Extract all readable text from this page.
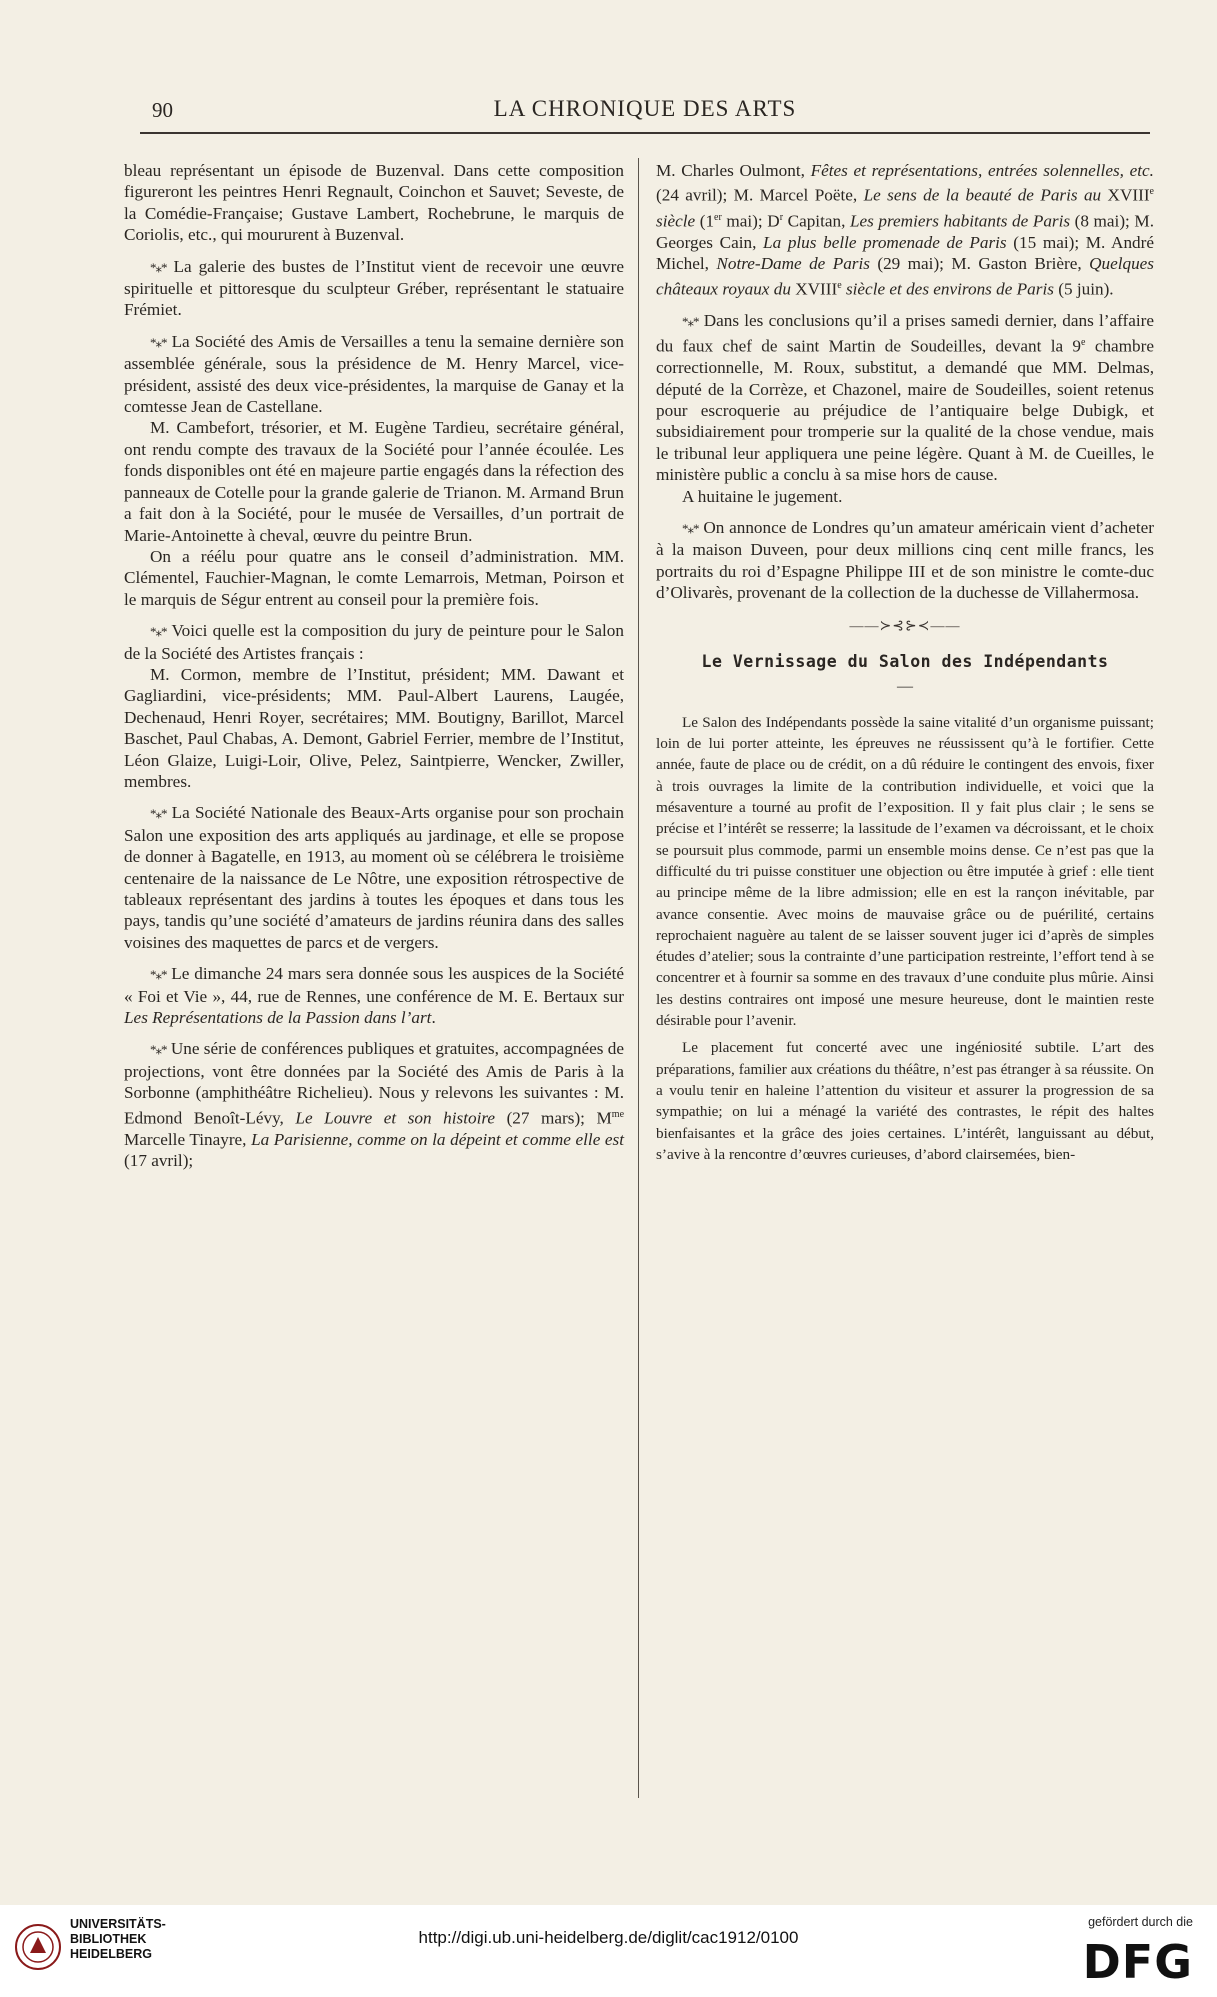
90	LA CHRONIQUE DES ARTS

bleau représentant un épisode de Buzenval. Dans cette composition figureront les peintres Henri Regnault, Coinchon et Sauvet; Seveste, de la Comédie-Française; Gustave Lambert, Rochebrune, le marquis de Coriolis, etc., qui moururent à Buzenval.

*⁎* La galerie des bustes de l’Institut vient de recevoir une œuvre spirituelle et pittoresque du sculpteur Gréber, représentant le statuaire Frémiet.

*⁎* La Société des Amis de Versailles a tenu la semaine dernière son assemblée générale, sous la présidence de M. Henry Marcel, vice-président, assisté des deux vice-présidentes, la marquise de Ganay et la comtesse Jean de Castellane.

M. Cambefort, trésorier, et M. Eugène Tardieu, secrétaire général, ont rendu compte des travaux de la Société pour l’année écoulée. Les fonds disponibles ont été en majeure partie engagés dans la réfection des panneaux de Cotelle pour la grande galerie de Trianon. M. Armand Brun a fait don à la Société, pour le musée de Versailles, d’un portrait de Marie-Antoinette à cheval, œuvre du peintre Brun.

On a réélu pour quatre ans le conseil d’administration. MM. Clémentel, Fauchier-Magnan, le comte Lemarrois, Metman, Poirson et le marquis de Ségur entrent au conseil pour la première fois.

*⁎* Voici quelle est la composition du jury de peinture pour le Salon de la Société des Artistes français :

M. Cormon, membre de l’Institut, président; MM. Dawant et Gagliardini, vice-présidents; MM. Paul-Albert Laurens, Laugée, Dechenaud, Henri Royer, secrétaires; MM. Boutigny, Barillot, Marcel Baschet, Paul Chabas, A. Demont, Gabriel Ferrier, membre de l’Institut, Léon Glaize, Luigi-Loir, Olive, Pelez, Saintpierre, Wencker, Zwiller, membres.

*⁎* La Société Nationale des Beaux-Arts organise pour son prochain Salon une exposition des arts appliqués au jardinage, et elle se propose de donner à Bagatelle, en 1913, au moment où se célébrera le troisième centenaire de la naissance de Le Nôtre, une exposition rétrospective de tableaux représentant des jardins à toutes les époques et dans tous les pays, tandis qu’une société d’amateurs de jardins réunira dans des salles voisines des maquettes de parcs et de vergers.

*⁎* Le dimanche 24 mars sera donnée sous les auspices de la Société « Foi et Vie », 44, rue de Rennes, une conférence de M. E. Bertaux sur Les Représentations de la Passion dans l’art.

*⁎* Une série de conférences publiques et gratuites, accompagnées de projections, vont être données par la Société des Amis de Paris à la Sorbonne (amphithéâtre Richelieu). Nous y relevons les suivantes : M. Edmond Benoît-Lévy, Le Louvre et son histoire (27 mars); $M^{me}$ Marcelle Tinayre, La Parisienne, comme on la dépeint et comme elle est (17 avril);

M. Charles Oulmont, Fêtes et représentations, entrées solennelles, etc. (24 avril); M. Marcel Poëte, Le sens de la beauté de Paris au XVIIIe siècle (1er mai); $D^r$ Capitan, Les premiers habitants de Paris (8 mai); M. Georges Cain, La plus belle promenade de Paris (15 mai); M. André Michel, Notre-Dame de Paris (29 mai); M. Gaston Brière, Quelques châteaux royaux du XVIIIe siècle et des environs de Paris (5 juin).

*⁎* Dans les conclusions qu’il a prises samedi dernier, dans l’affaire du faux chef de saint Martin de Soudeilles, devant la 9e chambre correctionnelle, M. Roux, substitut, a demandé que MM. Delmas, député de la Corrèze, et Chazonel, maire de Soudeilles, soient retenus pour escroquerie au préjudice de l’antiquaire belge Dubigk, et subsidiairement pour tromperie sur la qualité de la chose vendue, mais le tribunal leur appliquera une peine légère. Quant à M. de Cueilles, le ministère public a conclu à sa mise hors de cause.

A huitaine le jugement.

*⁎* On annonce de Londres qu’un amateur américain vient d’acheter à la maison Duveen, pour deux millions cinq cent mille francs, les portraits du roi d’Espagne Philippe III et de son ministre le comte-duc d’Olivarès, provenant de la collection de la duchesse de Villahermosa.

——≻⊰⊱≺——
Le Vernissage du Salon des Indépendants
—

Le Salon des Indépendants possède la saine vitalité d’un organisme puissant; loin de lui porter atteinte, les épreuves ne réussissent qu’à le fortifier. Cette année, faute de place ou de crédit, on a dû réduire le contingent des envois, fixer à trois ouvrages la limite de la contribution individuelle, et voici que la mésaventure a tourné au profit de l’exposition. Il y fait plus clair ; le sens se précise et l’intérêt se resserre; la lassitude de l’examen va décroissant, et le choix se poursuit plus commode, parmi un ensemble moins dense. Ce n’est pas que la difficulté du tri puisse constituer une objection ou être imputée à grief : elle tient au principe même de la libre admission; elle en est la rançon inévitable, par avance consentie. Avec moins de mauvaise grâce ou de puérilité, certains reprochaient naguère au talent de se laisser souvent juger ici d’après de simples études d’atelier; sous la contrainte d’une participation restreinte, l’effort tend à se concentrer et à fournir sa somme en des travaux d’une conduite plus mûrie. Ainsi les destins contraires ont imposé une mesure heureuse, dont le maintien reste désirable pour l’avenir.

Le placement fut concerté avec une ingéniosité subtile. L’art des préparations, familier aux créations du théâtre, n’est pas étranger à sa réussite. On a voulu tenir en haleine l’attention du visiteur et assurer la progression de sa sympathie; on lui a ménagé la variété des contrastes, le répit des haltes bienfaisantes et la grâce des joies certaines. L’intérêt, languissant au début, s’avive à la rencontre d’œuvres curieuses, d’abord clairsemées, bien-

UNIVERSITÄTS-
BIBLIOTHEK
HEIDELBERG
http://digi.ub.uni-heidelberg.de/diglit/cac1912/0100
gefördert durch die
DFG
